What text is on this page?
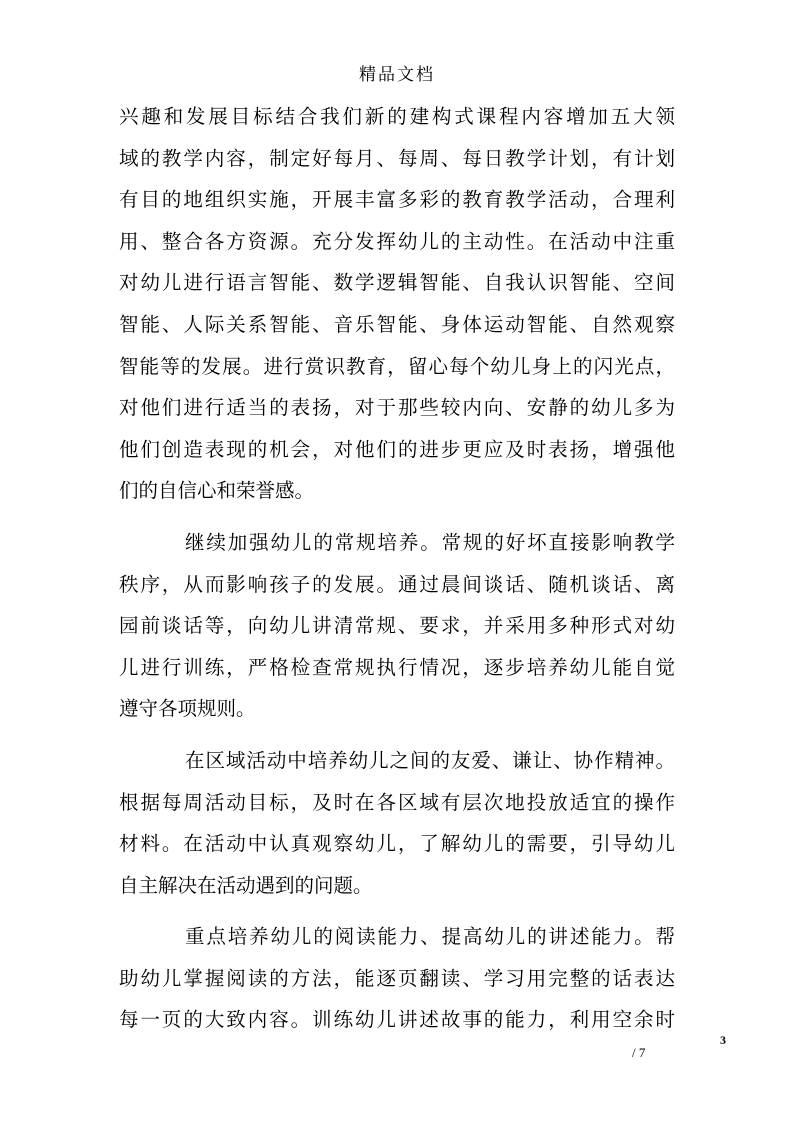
精品文档
兴趣和发展目标结合我们新的建构式课程内容增加五大领
域的教学内容，制定好每月、每周、每日教学计划，有计划
有目的地组织实施，开展丰富多彩的教育教学活动，合理利
用、整合各方资源。充分发挥幼儿的主动性。在活动中注重
对幼儿进行语言智能、数学逻辑智能、自我认识智能、空间
智能、人际关系智能、音乐智能、身体运动智能、自然观察
智能等的发展。进行赏识教育，留心每个幼儿身上的闪光点，
对他们进行适当的表扬，对于那些较内向、安静的幼儿多为
他们创造表现的机会，对他们的进步更应及时表扬，增强他
们的自信心和荣誉感。
继续加强幼儿的常规培养。常规的好坏直接影响教学
秩序，从而影响孩子的发展。通过晨间谈话、随机谈话、离
园前谈话等，向幼儿讲清常规、要求，并采用多种形式对幼
儿进行训练，严格检查常规执行情况，逐步培养幼儿能自觉
遵守各项规则。
在区域活动中培养幼儿之间的友爱、谦让、协作精神。
根据每周活动目标，及时在各区域有层次地投放适宜的操作
材料。在活动中认真观察幼儿，了解幼儿的需要，引导幼儿
自主解决在活动遇到的问题。
重点培养幼儿的阅读能力、提高幼儿的讲述能力。帮
助幼儿掌握阅读的方法，能逐页翻读、学习用完整的话表达
每一页的大致内容。训练幼儿讲述故事的能力，利用空余时
3
/ 7
